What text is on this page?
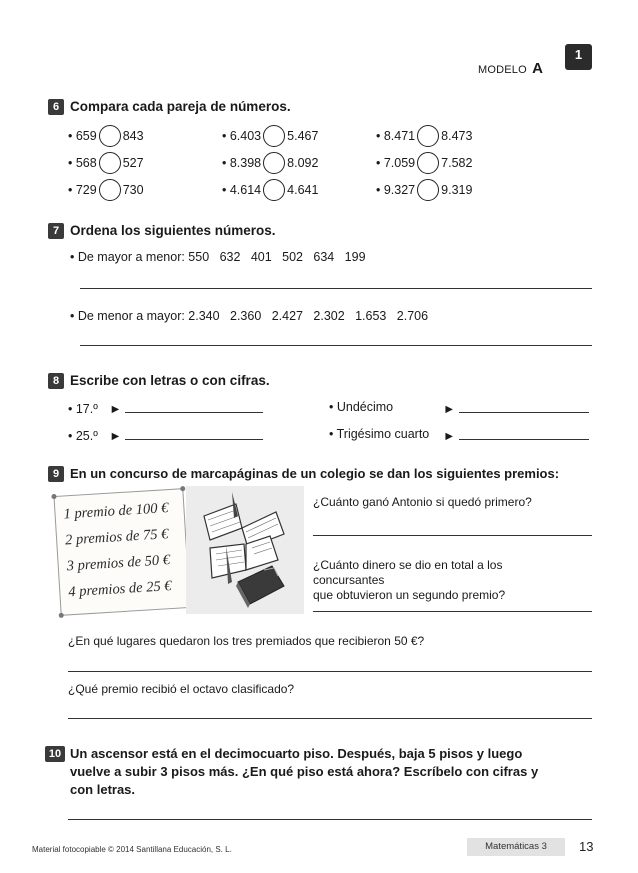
MODELO A
1
6 Compara cada pareja de números.
• 659 843	• 6.403 5.467	• 8.471 8.473
• 568 527	• 8.398 8.092	• 7.059 7.582
• 729 730	• 4.614 4.641	• 9.327 9.319
7 Ordena los siguientes números.
• De mayor a menor: 550   632   401   502   634   199
• De menor a mayor: 2.340   2.360   2.427   2.302   1.653   2.706
8 Escribe con letras o con cifras.
• 17.º ►
• 25.º ►
• Undécimo	►
• Trigésimo cuarto ►
9 En un concurso de marcapáginas de un colegio se dan los siguientes premios:
1 premio de 100 €
2 premios de 75 €
3 premios de 50 €
4 premios de 25 €
¿Cuánto ganó Antonio si quedó primero?
¿Cuánto dinero se dio en total a los
concursantes
que obtuvieron un segundo premio?
¿En qué lugares quedaron los tres premiados que recibieron 50 €?
¿Qué premio recibió el octavo clasificado?
10 Un ascensor está en el decimocuarto piso. Después, baja 5 pisos y luego
vuelve a subir 3 pisos más. ¿En qué piso está ahora? Escríbelo con cifras y
con letras.
Material fotocopiable © 2014 Santillana Educación, S. L.	Matemáticas 3	13
